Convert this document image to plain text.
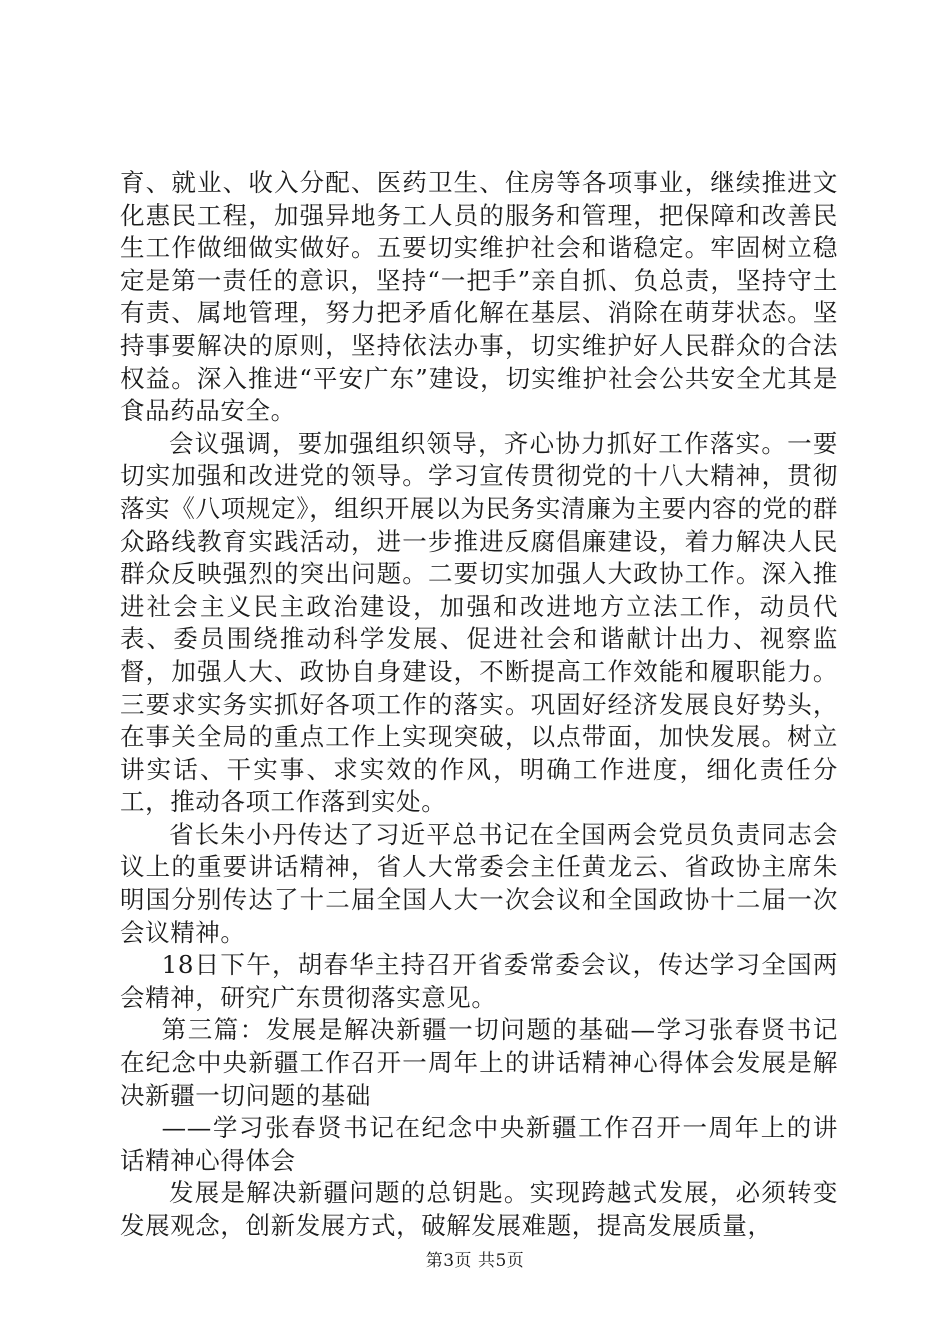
育、就业、收入分配、医药卫生、住房等各项事业，继续推进文化惠民工程，加强异地务工人员的服务和管理，把保障和改善民生工作做细做实做好。五要切实维护社会和谐稳定。牢固树立稳定是第一责任的意识，坚持“一把手”亲自抓、负总责，坚持守土有责、属地管理，努力把矛盾化解在基层、消除在萌芽状态。坚持事要解决的原则，坚持依法办事，切实维护好人民群众的合法权益。深入推进“平安广东”建设，切实维护社会公共安全尤其是食品药品安全。

会议强调，要加强组织领导，齐心协力抓好工作落实。一要切实加强和改进党的领导。学习宣传贯彻党的十八大精神，贯彻落实《八项规定》，组织开展以为民务实清廉为主要内容的党的群众路线教育实践活动，进一步推进反腐倡廉建设，着力解决人民群众反映强烈的突出问题。二要切实加强人大政协工作。深入推进社会主义民主政治建设，加强和改进地方立法工作，动员代表、委员围绕推动科学发展、促进社会和谐献计出力、视察监督，加强人大、政协自身建设，不断提高工作效能和履职能力。三要求实务实抓好各项工作的落实。巩固好经济发展良好势头，在事关全局的重点工作上实现突破，以点带面，加快发展。树立讲实话、干实事、求实效的作风，明确工作进度，细化责任分工，推动各项工作落到实处。

省长朱小丹传达了习近平总书记在全国两会党员负责同志会议上的重要讲话精神，省人大常委会主任黄龙云、省政协主席朱明国分别传达了十二届全国人大一次会议和全国政协十二届一次会议精神。

18日下午，胡春华主持召开省委常委会议，传达学习全国两会精神，研究广东贯彻落实意见。

第三篇：发展是解决新疆一切问题的基础—学习张春贤书记在纪念中央新疆工作召开一周年上的讲话精神心得体会发展是解决新疆一切问题的基础

——学习张春贤书记在纪念中央新疆工作召开一周年上的讲话精神心得体会

发展是解决新疆问题的总钥匙。实现跨越式发展，必须转变发展观念，创新发展方式，破解发展难题，提高发展质量，

第3页 共5页
